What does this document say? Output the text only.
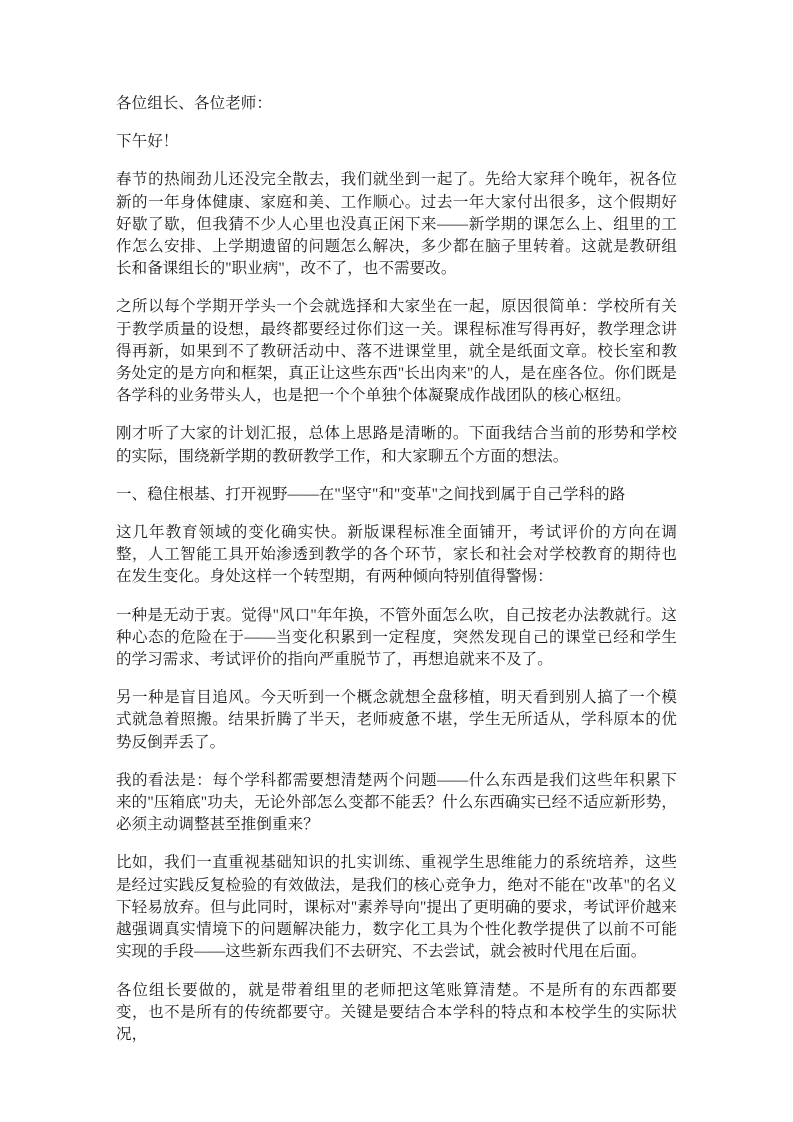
各位组长、各位老师：

下午好！

春节的热闹劲儿还没完全散去，我们就坐到一起了。先给大家拜个晚年，祝各位新的一年身体健康、家庭和美、工作顺心。过去一年大家付出很多，这个假期好好歇了歇，但我猜不少人心里也没真正闲下来——新学期的课怎么上、组里的工作怎么安排、上学期遗留的问题怎么解决，多少都在脑子里转着。这就是教研组长和备课组长的"职业病"，改不了，也不需要改。

之所以每个学期开学头一个会就选择和大家坐在一起，原因很简单：学校所有关于教学质量的设想，最终都要经过你们这一关。课程标准写得再好，教学理念讲得再新，如果到不了教研活动中、落不进课堂里，就全是纸面文章。校长室和教务处定的是方向和框架，真正让这些东西"长出肉来"的人，是在座各位。你们既是各学科的业务带头人，也是把一个个单独个体凝聚成作战团队的核心枢纽。

刚才听了大家的计划汇报，总体上思路是清晰的。下面我结合当前的形势和学校的实际，围绕新学期的教研教学工作，和大家聊五个方面的想法。

一、稳住根基、打开视野——在"坚守"和"变革"之间找到属于自己学科的路

这几年教育领域的变化确实快。新版课程标准全面铺开，考试评价的方向在调整，人工智能工具开始渗透到教学的各个环节，家长和社会对学校教育的期待也在发生变化。身处这样一个转型期，有两种倾向特别值得警惕：

一种是无动于衷。觉得"风口"年年换，不管外面怎么吹，自己按老办法教就行。这种心态的危险在于——当变化积累到一定程度，突然发现自己的课堂已经和学生的学习需求、考试评价的指向严重脱节了，再想追就来不及了。

另一种是盲目追风。今天听到一个概念就想全盘移植，明天看到别人搞了一个模式就急着照搬。结果折腾了半天，老师疲惫不堪，学生无所适从，学科原本的优势反倒弄丢了。

我的看法是：每个学科都需要想清楚两个问题——什么东西是我们这些年积累下来的"压箱底"功夫，无论外部怎么变都不能丢？什么东西确实已经不适应新形势，必须主动调整甚至推倒重来？

比如，我们一直重视基础知识的扎实训练、重视学生思维能力的系统培养，这些是经过实践反复检验的有效做法，是我们的核心竞争力，绝对不能在"改革"的名义下轻易放弃。但与此同时，课标对"素养导向"提出了更明确的要求，考试评价越来越强调真实情境下的问题解决能力，数字化工具为个性化教学提供了以前不可能实现的手段——这些新东西我们不去研究、不去尝试，就会被时代甩在后面。

各位组长要做的，就是带着组里的老师把这笔账算清楚。不是所有的东西都要变，也不是所有的传统都要守。关键是要结合本学科的特点和本校学生的实际状况，
